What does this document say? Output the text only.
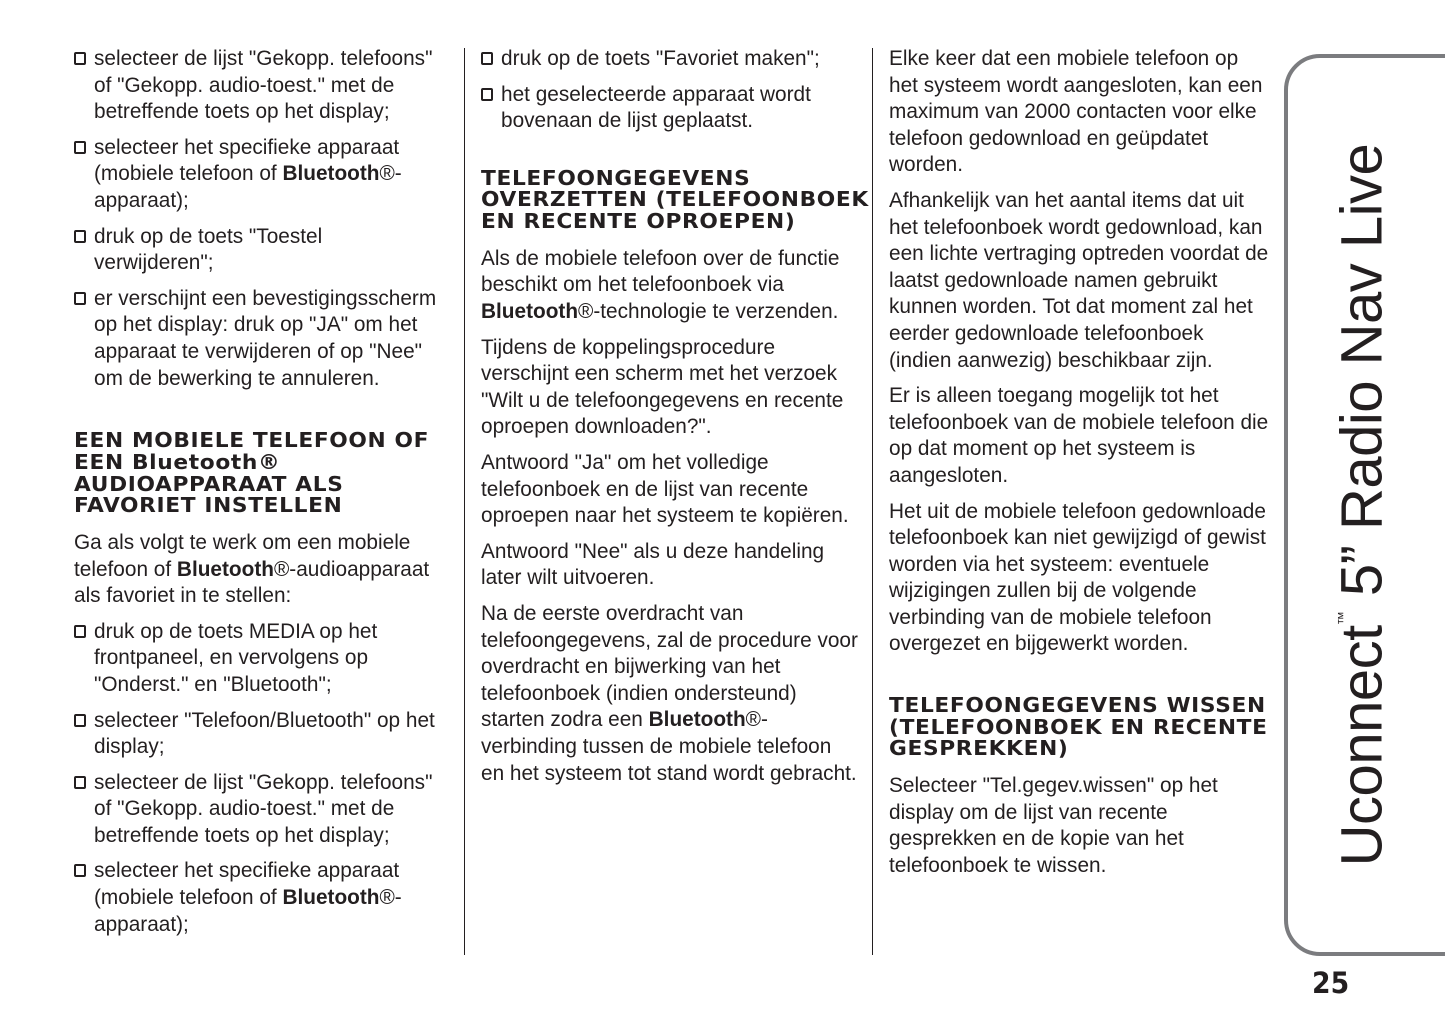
selecteer de lijst "Gekopp. telefoons" of "Gekopp. audio-toest." met de betreffende toets op het display;
selecteer het specifieke apparaat (mobiele telefoon of Bluetooth®-apparaat);
druk op de toets "Toestel verwijderen";
er verschijnt een bevestigingsscherm op het display: druk op "JA" om het apparaat te verwijderen of op "Nee" om de bewerking te annuleren.
EEN MOBIELE TELEFOON OF EEN Bluetooth® AUDIOAPPARAAT ALS FAVORIET INSTELLEN
Ga als volgt te werk om een mobiele telefoon of Bluetooth®-audioapparaat als favoriet in te stellen:
druk op de toets MEDIA op het frontpaneel, en vervolgens op "Onderst." en "Bluetooth";
selecteer "Telefoon/Bluetooth" op het display;
selecteer de lijst "Gekopp. telefoons" of "Gekopp. audio-toest." met de betreffende toets op het display;
selecteer het specifieke apparaat (mobiele telefoon of Bluetooth®-apparaat);
druk op de toets "Favoriet maken";
het geselecteerde apparaat wordt bovenaan de lijst geplaatst.
TELEFOONGEGEVENS OVERZETTEN (TELEFOONBOEK EN RECENTE OPROEPEN)
Als de mobiele telefoon over de functie beschikt om het telefoonboek via Bluetooth®-technologie te verzenden.
Tijdens de koppelingsprocedure verschijnt een scherm met het verzoek "Wilt u de telefoongegevens en recente oproepen downloaden?".
Antwoord "Ja" om het volledige telefoonboek en de lijst van recente oproepen naar het systeem te kopiëren.
Antwoord "Nee" als u deze handeling later wilt uitvoeren.
Na de eerste overdracht van telefoongegevens, zal de procedure voor overdracht en bijwerking van het telefoonboek (indien ondersteund) starten zodra een Bluetooth®-verbinding tussen de mobiele telefoon en het systeem tot stand wordt gebracht.
Elke keer dat een mobiele telefoon op het systeem wordt aangesloten, kan een maximum van 2000 contacten voor elke telefoon gedownload en geüpdatet worden.
Afhankelijk van het aantal items dat uit het telefoonboek wordt gedownload, kan een lichte vertraging optreden voordat de laatst gedownloade namen gebruikt kunnen worden. Tot dat moment zal het eerder gedownloade telefoonboek (indien aanwezig) beschikbaar zijn.
Er is alleen toegang mogelijk tot het telefoonboek van de mobiele telefoon die op dat moment op het systeem is aangesloten.
Het uit de mobiele telefoon gedownloade telefoonboek kan niet gewijzigd of gewist worden via het systeem: eventuele wijzigingen zullen bij de volgende verbinding van de mobiele telefoon overgezet en bijgewerkt worden.
TELEFOONGEGEVENS WISSEN (TELEFOONBOEK EN RECENTE GESPREKKEN)
Selecteer "Tel.gegev.wissen" op het display om de lijst van recente gesprekken en de kopie van het telefoonboek te wissen.	Uconnect™ 5” Radio Nav Live
25
